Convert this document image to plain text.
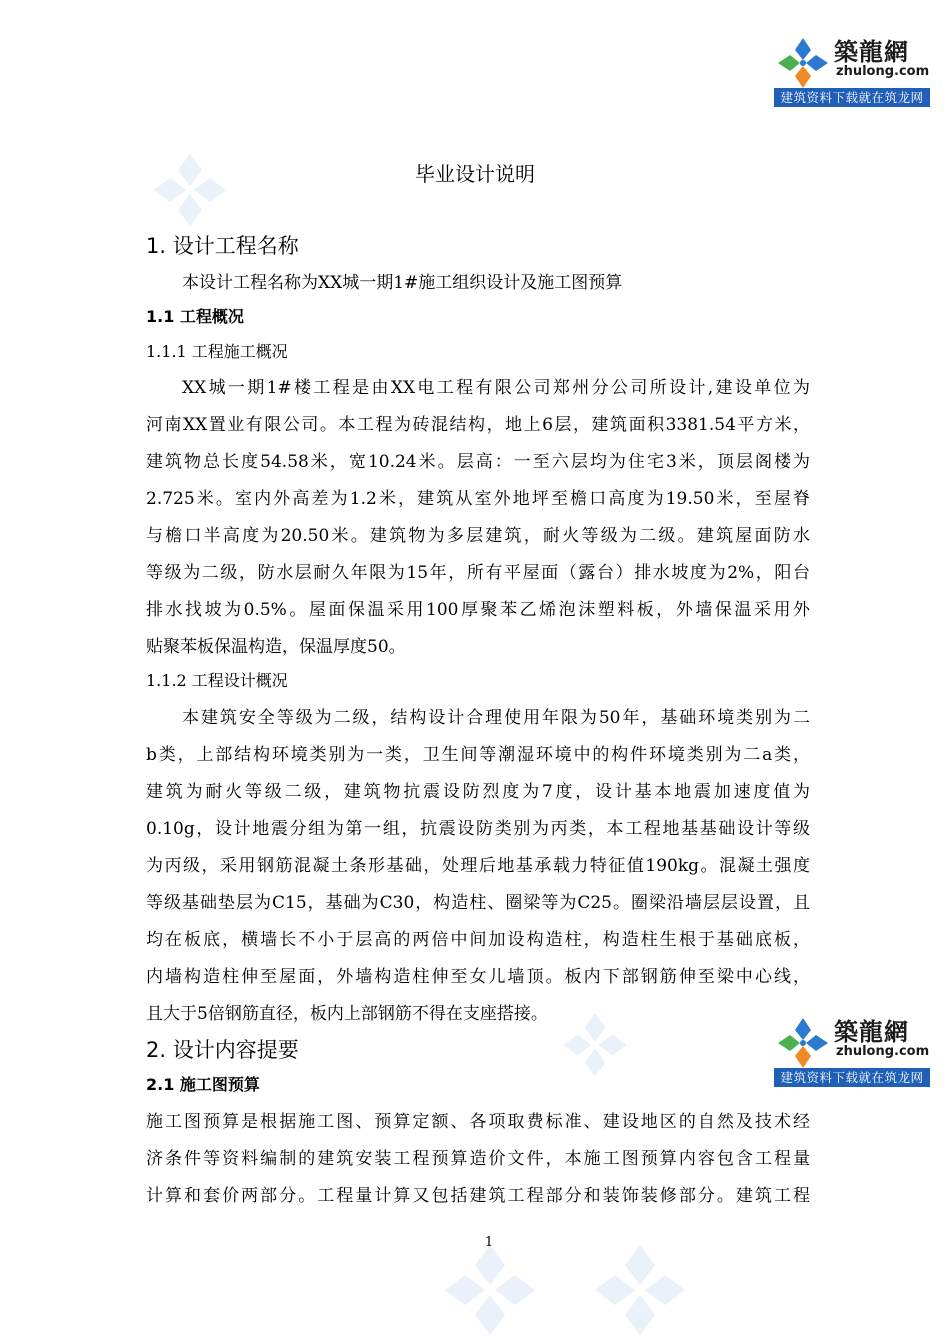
築龍網
zhulong.com
建筑资料下载就在筑龙网
築龍網
zhulong.com
建筑资料下载就在筑龙网
毕业设计说明
1. 设计工程名称
本设计工程名称为XX城一期1#施工组织设计及施工图预算
1.1 工程概况
1.1.1 工程施工概况
XX城一期1#楼工程是由XX电工程有限公司郑州分公司所设计,建设单位为
河南XX置业有限公司。本工程为砖混结构，地上6层，建筑面积3381.54平方米，
建筑物总长度54.58米，宽10.24米。层高：一至六层均为住宅3米，顶层阁楼为
2.725米。室内外高差为1.2米，建筑从室外地坪至檐口高度为19.50米，至屋脊
与檐口半高度为20.50米。建筑物为多层建筑，耐火等级为二级。建筑屋面防水
等级为二级，防水层耐久年限为15年，所有平屋面（露台）排水坡度为2%，阳台
排水找坡为0.5%。屋面保温采用100厚聚苯乙烯泡沫塑料板，外墙保温采用外
贴聚苯板保温构造，保温厚度50。
1.1.2 工程设计概况
本建筑安全等级为二级，结构设计合理使用年限为50年，基础环境类别为二
b类，上部结构环境类别为一类，卫生间等潮湿环境中的构件环境类别为二a类，
建筑为耐火等级二级，建筑物抗震设防烈度为7度，设计基本地震加速度值为
0.10g，设计地震分组为第一组，抗震设防类别为丙类，本工程地基基础设计等级
为丙级，采用钢筋混凝土条形基础，处理后地基承载力特征值190kg。混凝土强度
等级基础垫层为C15，基础为C30，构造柱、圈梁等为C25。圈梁沿墙层层设置，且
均在板底，横墙长不小于层高的两倍中间加设构造柱，构造柱生根于基础底板，
内墙构造柱伸至屋面，外墙构造柱伸至女儿墙顶。板内下部钢筋伸至梁中心线，
且大于5倍钢筋直径，板内上部钢筋不得在支座搭接。
2. 设计内容提要
2.1 施工图预算
施工图预算是根据施工图、预算定额、各项取费标准、建设地区的自然及技术经
济条件等资料编制的建筑安装工程预算造价文件，本施工图预算内容包含工程量
计算和套价两部分。工程量计算又包括建筑工程部分和装饰装修部分。建筑工程
1
